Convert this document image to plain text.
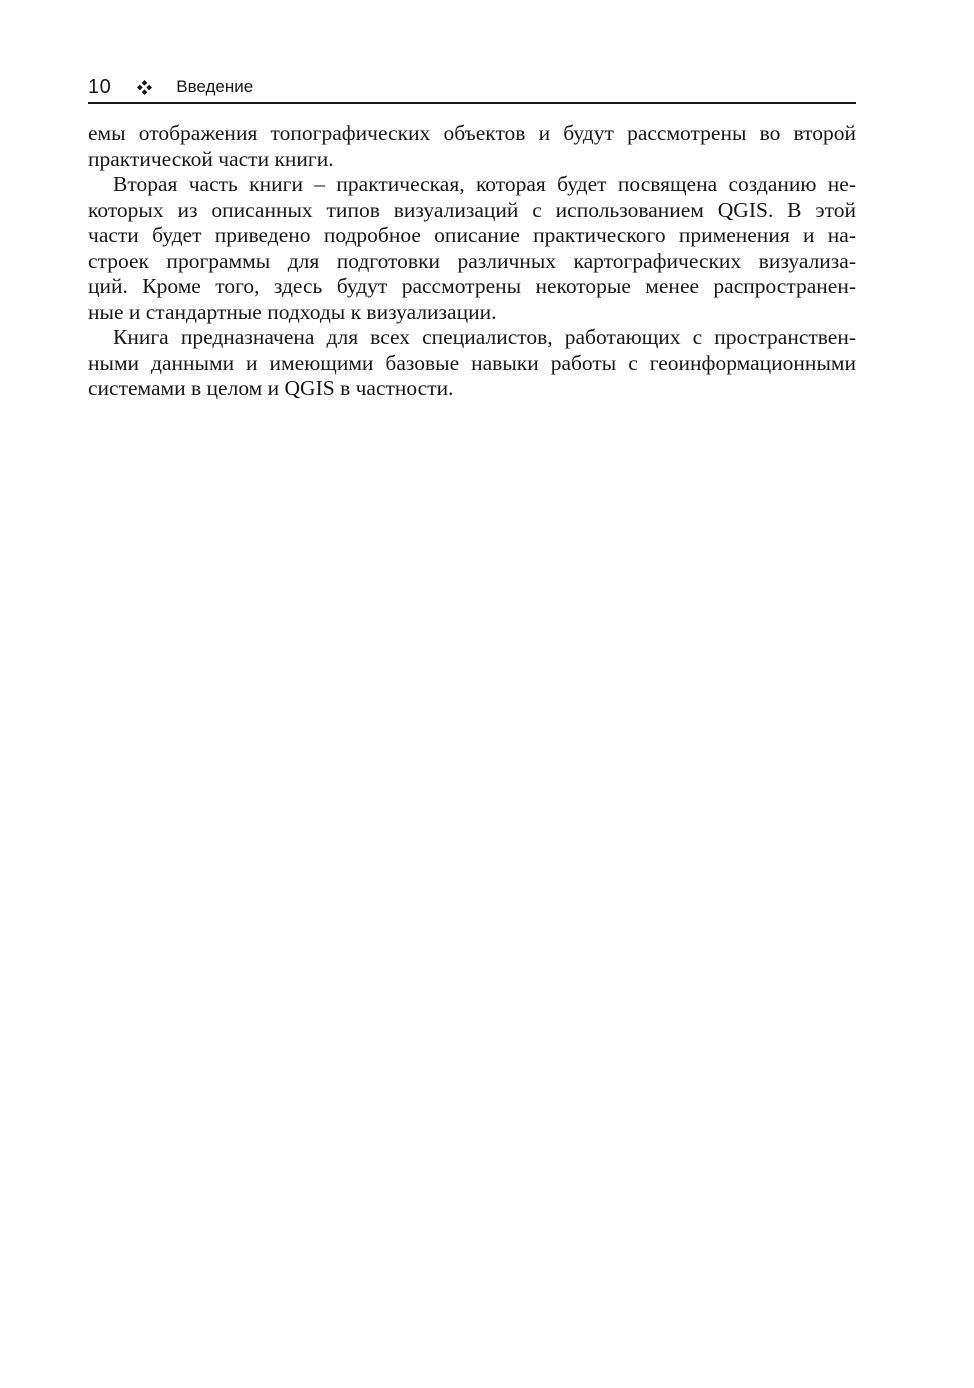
10	Введение
емы отображения топографических объектов и будут рассмотрены во второй
практической части книги.
Вторая часть книги – практическая, которая будет посвящена созданию не-
которых из описанных типов визуализаций с использованием QGIS. В этой
части будет приведено подробное описание практического применения и на-
строек программы для подготовки различных картографических визуализа-
ций. Кроме того, здесь будут рассмотрены некоторые менее распространен-
ные и стандартные подходы к визуализации.
Книга предназначена для всех специалистов, работающих с пространствен-
ными данными и имеющими базовые навыки работы с геоинформационными
системами в целом и QGIS в частности.
